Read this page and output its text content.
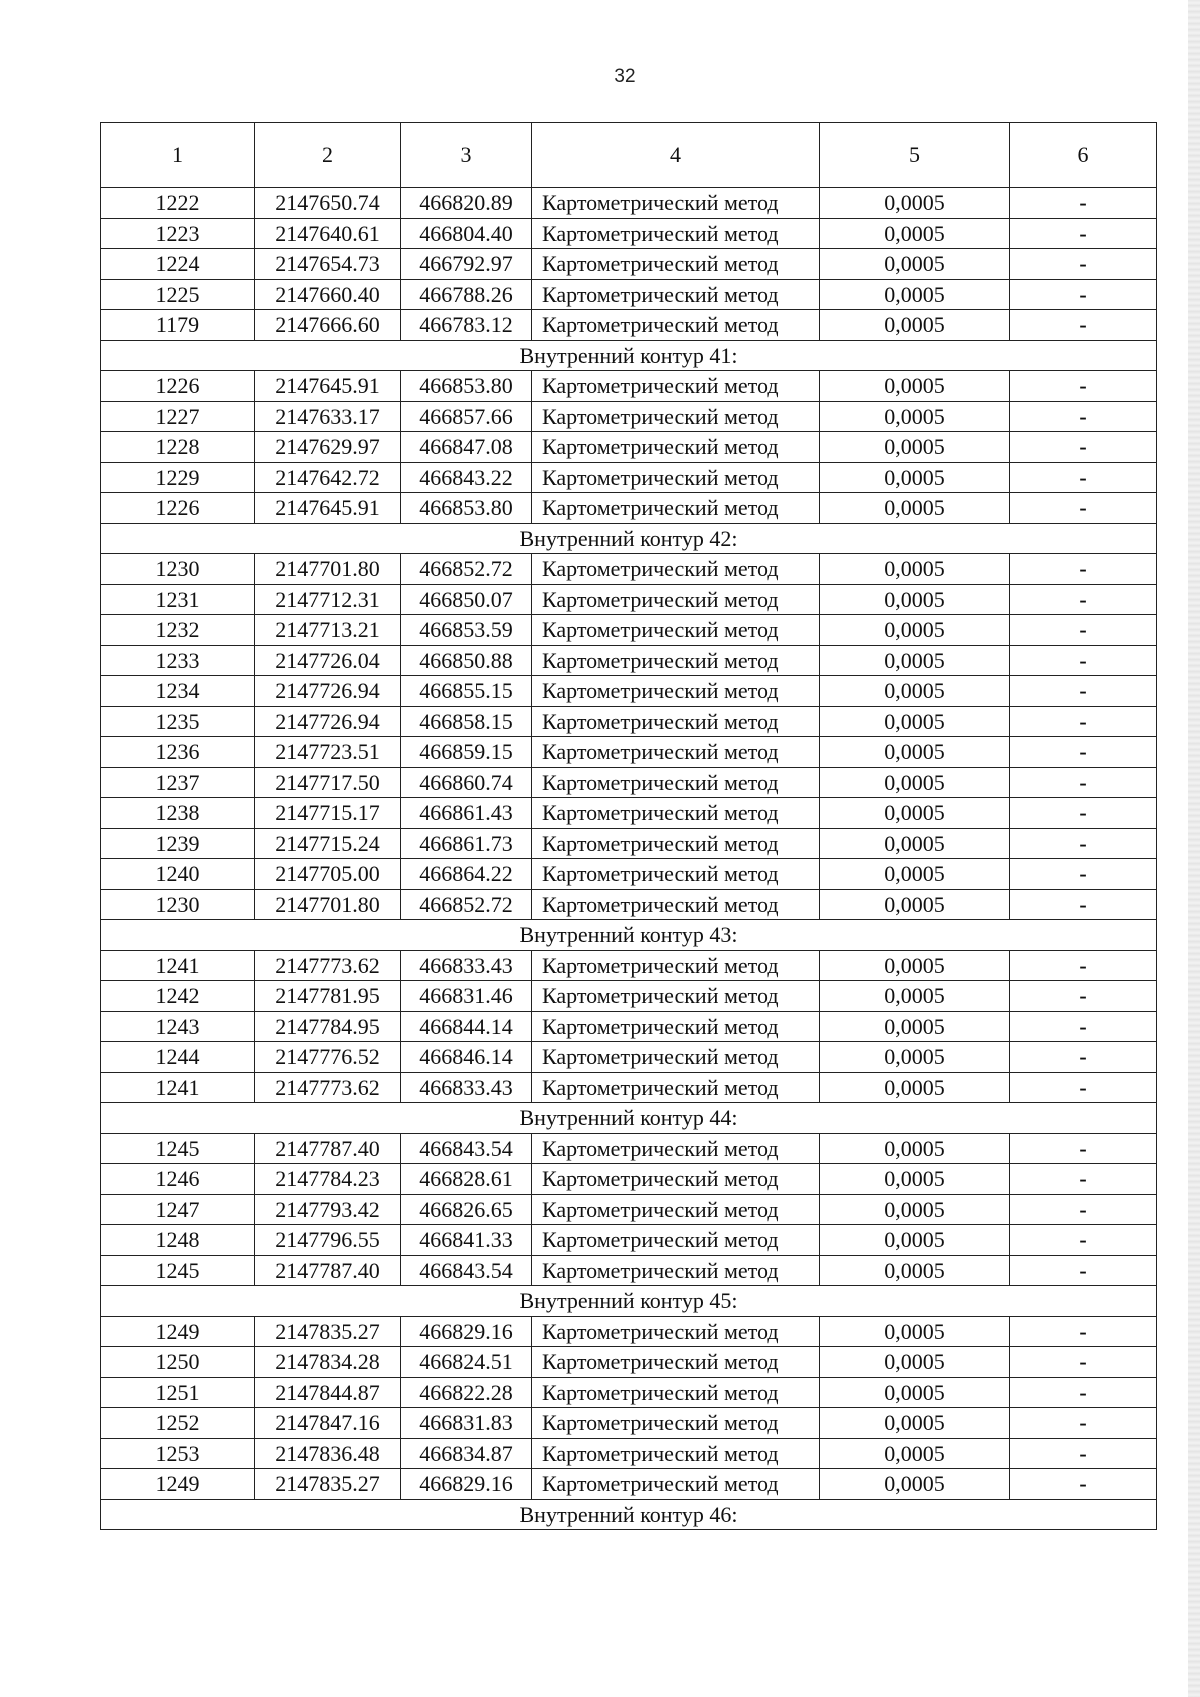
32
1	2	3	4	5	6
1222	2147650.74	466820.89	Картометрический метод	0,0005	-
1223	2147640.61	466804.40	Картометрический метод	0,0005	-
1224	2147654.73	466792.97	Картометрический метод	0,0005	-
1225	2147660.40	466788.26	Картометрический метод	0,0005	-
1179	2147666.60	466783.12	Картометрический метод	0,0005	-
Внутренний контур 41:					
1226	2147645.91	466853.80	Картометрический метод	0,0005	-
1227	2147633.17	466857.66	Картометрический метод	0,0005	-
1228	2147629.97	466847.08	Картометрический метод	0,0005	-
1229	2147642.72	466843.22	Картометрический метод	0,0005	-
1226	2147645.91	466853.80	Картометрический метод	0,0005	-
Внутренний контур 42:					
1230	2147701.80	466852.72	Картометрический метод	0,0005	-
1231	2147712.31	466850.07	Картометрический метод	0,0005	-
1232	2147713.21	466853.59	Картометрический метод	0,0005	-
1233	2147726.04	466850.88	Картометрический метод	0,0005	-
1234	2147726.94	466855.15	Картометрический метод	0,0005	-
1235	2147726.94	466858.15	Картометрический метод	0,0005	-
1236	2147723.51	466859.15	Картометрический метод	0,0005	-
1237	2147717.50	466860.74	Картометрический метод	0,0005	-
1238	2147715.17	466861.43	Картометрический метод	0,0005	-
1239	2147715.24	466861.73	Картометрический метод	0,0005	-
1240	2147705.00	466864.22	Картометрический метод	0,0005	-
1230	2147701.80	466852.72	Картометрический метод	0,0005	-
Внутренний контур 43:					
1241	2147773.62	466833.43	Картометрический метод	0,0005	-
1242	2147781.95	466831.46	Картометрический метод	0,0005	-
1243	2147784.95	466844.14	Картометрический метод	0,0005	-
1244	2147776.52	466846.14	Картометрический метод	0,0005	-
1241	2147773.62	466833.43	Картометрический метод	0,0005	-
Внутренний контур 44:					
1245	2147787.40	466843.54	Картометрический метод	0,0005	-
1246	2147784.23	466828.61	Картометрический метод	0,0005	-
1247	2147793.42	466826.65	Картометрический метод	0,0005	-
1248	2147796.55	466841.33	Картометрический метод	0,0005	-
1245	2147787.40	466843.54	Картометрический метод	0,0005	-
Внутренний контур 45:					
1249	2147835.27	466829.16	Картометрический метод	0,0005	-
1250	2147834.28	466824.51	Картометрический метод	0,0005	-
1251	2147844.87	466822.28	Картометрический метод	0,0005	-
1252	2147847.16	466831.83	Картометрический метод	0,0005	-
1253	2147836.48	466834.87	Картометрический метод	0,0005	-
1249	2147835.27	466829.16	Картометрический метод	0,0005	-
Внутренний контур 46:					
